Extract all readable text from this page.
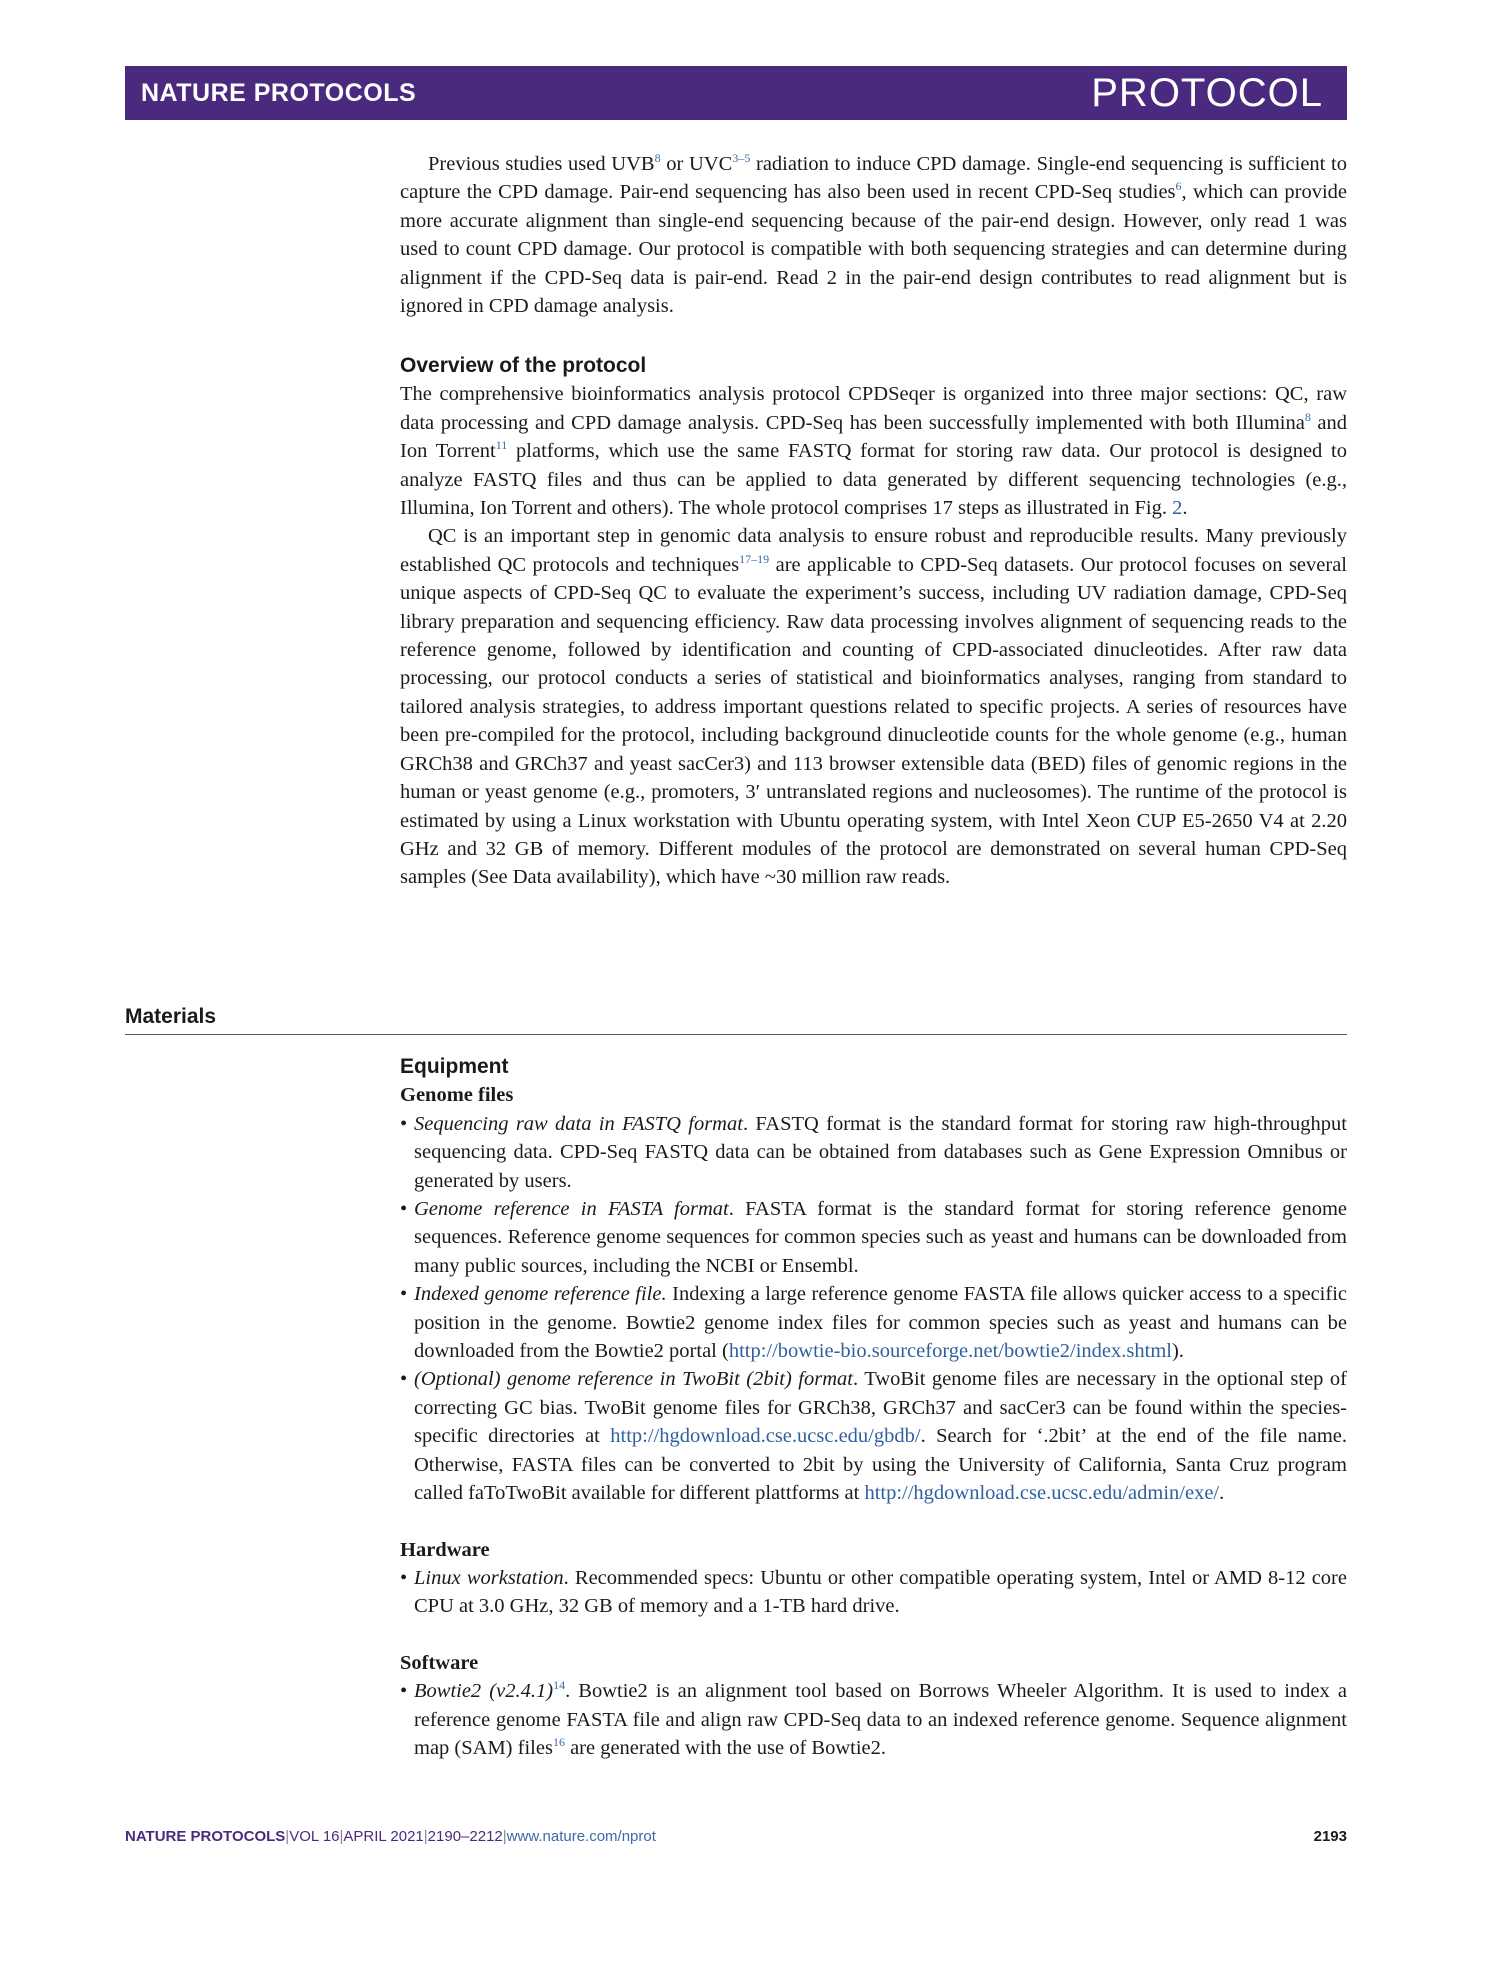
NATURE PROTOCOLS	PROTOCOL

Previous studies used UVB$^8$ or UVC$^{3-5}$ radiation to induce CPD damage. Single-end sequencing is sufficient to capture the CPD damage. Pair-end sequencing has also been used in recent CPD-Seq studies$^6$, which can provide more accurate alignment than single-end sequencing because of the pair-end design. However, only read 1 was used to count CPD damage. Our protocol is compatible with both sequencing strategies and can determine during alignment if the CPD-Seq data is pair-end. Read 2 in the pair-end design contributes to read alignment but is ignored in CPD damage analysis.

Overview of the protocol

The comprehensive bioinformatics analysis protocol CPDSeqer is organized into three major sections: QC, raw data processing and CPD damage analysis. CPD-Seq has been successfully implemented with both Illumina$^8$ and Ion Torrent$^{11}$ platforms, which use the same FASTQ format for storing raw data. Our protocol is designed to analyze FASTQ files and thus can be applied to data generated by different sequencing technologies (e.g., Illumina, Ion Torrent and others). The whole protocol comprises 17 steps as illustrated in Fig. 2.

QC is an important step in genomic data analysis to ensure robust and reproducible results. Many previously established QC protocols and techniques$^{17-19}$ are applicable to CPD-Seq datasets. Our protocol focuses on several unique aspects of CPD-Seq QC to evaluate the experiment’s success, including UV radiation damage, CPD-Seq library preparation and sequencing efficiency. Raw data processing involves alignment of sequencing reads to the reference genome, followed by identification and counting of CPD-associated dinucleotides. After raw data processing, our protocol conducts a series of statistical and bioinformatics analyses, ranging from standard to tailored analysis strategies, to address important questions related to specific projects. A series of resources have been pre-compiled for the protocol, including background dinucleotide counts for the whole genome (e.g., human GRCh38 and GRCh37 and yeast sacCer3) and 113 browser extensible data (BED) files of genomic regions in the human or yeast genome (e.g., promoters, 3′ untranslated regions and nucleosomes). The runtime of the protocol is estimated by using a Linux workstation with Ubuntu operating system, with Intel Xeon CUP E5-2650 V4 at 2.20 GHz and 32 GB of memory. Different modules of the protocol are demonstrated on several human CPD-Seq samples (See Data availability), which have ~30 million raw reads.

Materials
Equipment
Genome files
• Sequencing raw data in FASTQ format. FASTQ format is the standard format for storing raw high-throughput sequencing data. CPD-Seq FASTQ data can be obtained from databases such as Gene Expression Omnibus or generated by users.
• Genome reference in FASTA format. FASTA format is the standard format for storing reference genome sequences. Reference genome sequences for common species such as yeast and humans can be downloaded from many public sources, including the NCBI or Ensembl.
• Indexed genome reference file. Indexing a large reference genome FASTA file allows quicker access to a specific position in the genome. Bowtie2 genome index files for common species such as yeast and humans can be downloaded from the Bowtie2 portal (http://bowtie-bio.sourceforge.net/bowtie2/index.shtml).
• (Optional) genome reference in TwoBit (2bit) format. TwoBit genome files are necessary in the optional step of correcting GC bias. TwoBit genome files for GRCh38, GRCh37 and sacCer3 can be found within the species-specific directories at http://hgdownload.cse.ucsc.edu/gbdb/. Search for ‘.2bit’ at the end of the file name. Otherwise, FASTA files can be converted to 2bit by using the University of California, Santa Cruz program called faToTwoBit available for different plattforms at http://hgdownload.cse.ucsc.edu/admin/exe/.
Hardware
• Linux workstation. Recommended specs: Ubuntu or other compatible operating system, Intel or AMD 8-12 core CPU at 3.0 GHz, 32 GB of memory and a 1-TB hard drive.
Software
• Bowtie2 $(v2.4.1)^{14}$. Bowtie2 is an alignment tool based on Borrows Wheeler Algorithm. It is used to index a reference genome FASTA file and align raw CPD-Seq data to an indexed reference genome. Sequence alignment map (SAM) files$^{16}$ are generated with the use of Bowtie2.
NATURE PROTOCOLS|VOL 16|APRIL 2021|2190–2212|www.nature.com/nprot	2193
